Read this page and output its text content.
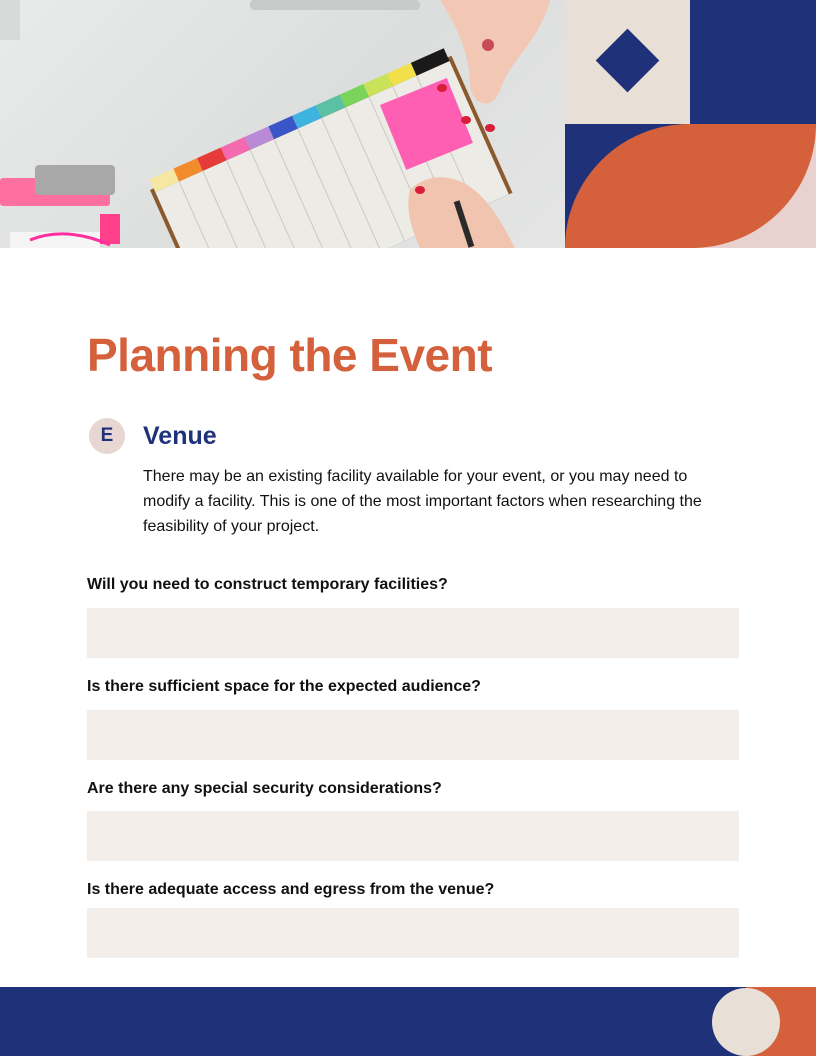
Planning the Event
E	Venue

There may be an existing facility available for your event, or you may need to modify a facility. This is one of the most important factors when researching the feasibility of your project.

Will you need to construct temporary facilities?

Is there sufficient space for the expected audience?

Are there any special security considerations?

Is there adequate access and egress from the venue?
